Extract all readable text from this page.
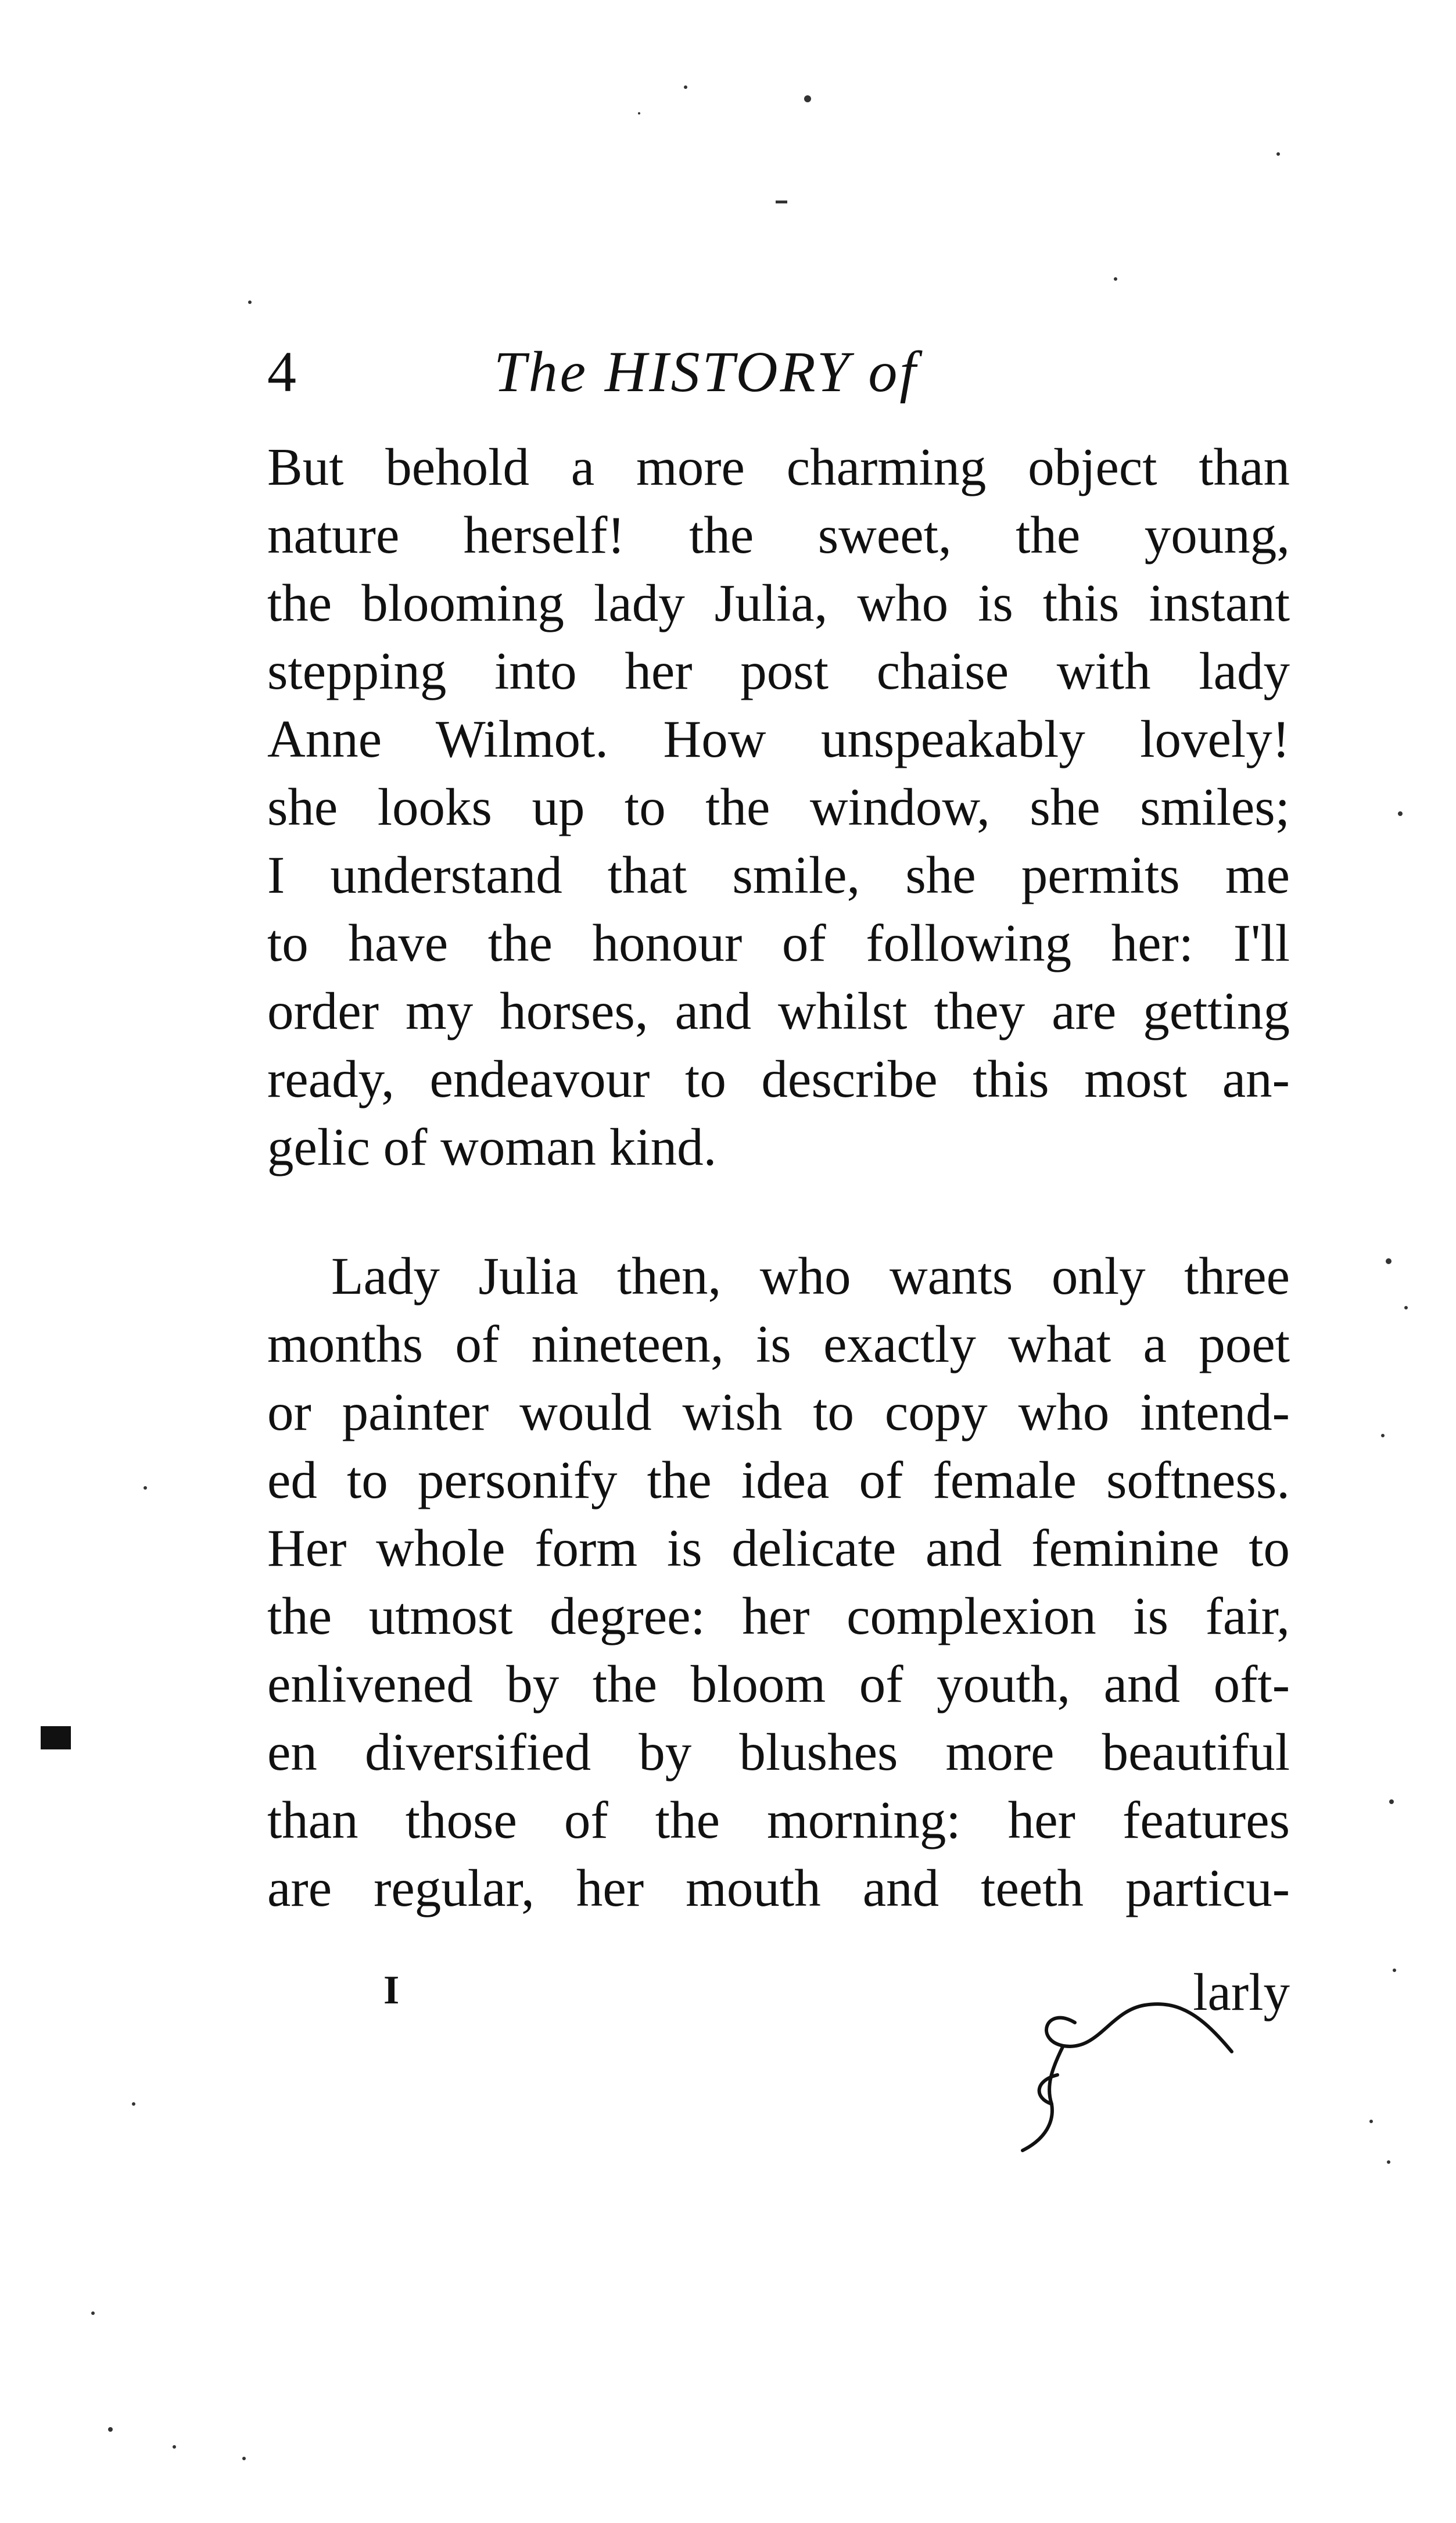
4	The HISTORY of
But behold a more charming object than
nature herself! the sweet, the young,
the blooming lady Julia, who is this instant
stepping into her post chaise with lady
Anne Wilmot. How unspeakably lovely!
she looks up to the window, she smiles;
I understand that smile, she permits me
to have the honour of following her: I'll
order my horses, and whilst they are getting
ready, endeavour to describe this most an-
gelic of woman kind.
Lady Julia then, who wants only three
months of nineteen, is exactly what a poet
or painter would wish to copy who intend-
ed to personify the idea of female softness.
Her whole form is delicate and feminine to
the utmost degree: her complexion is fair,
enlivened by the bloom of youth, and oft-
en diversified by blushes more beautiful
than those of the morning: her features
are regular, her mouth and teeth particu-
I	larly
